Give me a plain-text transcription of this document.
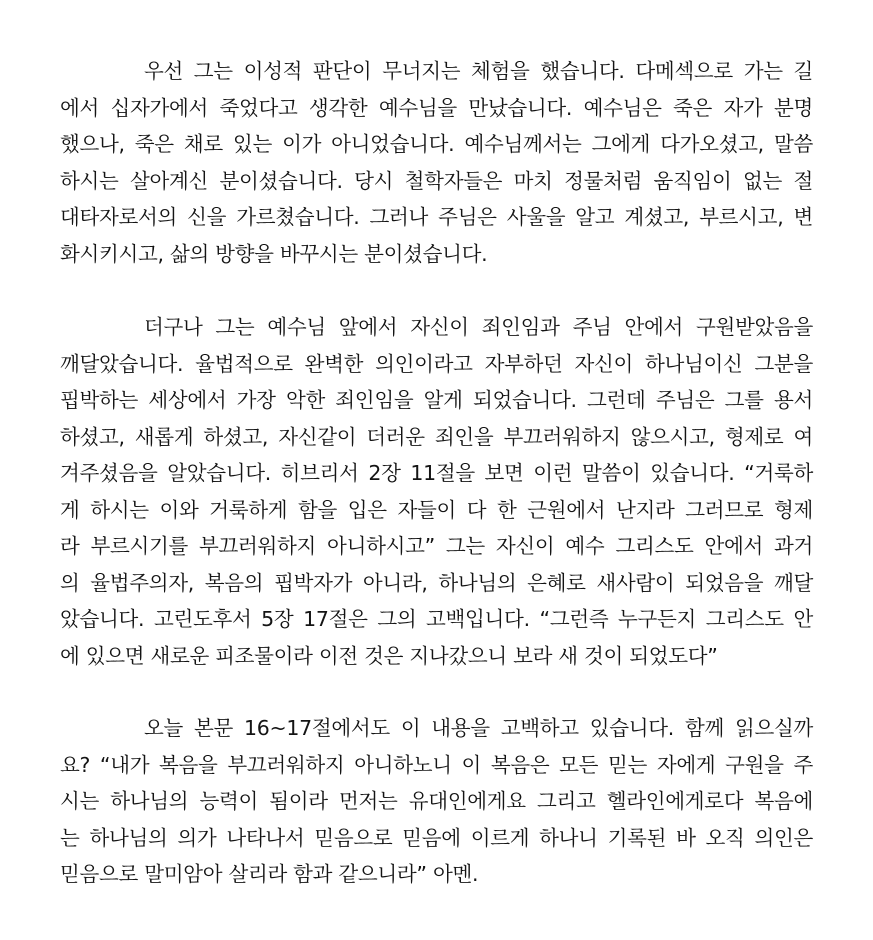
우선 그는 이성적 판단이 무너지는 체험을 했습니다. 다메섹으로 가는 길
에서 십자가에서 죽었다고 생각한 예수님을 만났습니다. 예수님은 죽은 자가 분명
했으나, 죽은 채로 있는 이가 아니었습니다. 예수님께서는 그에게 다가오셨고, 말씀
하시는 살아계신 분이셨습니다. 당시 철학자들은 마치 정물처럼 움직임이 없는 절
대타자로서의 신을 가르쳤습니다. 그러나 주님은 사울을 알고 계셨고, 부르시고, 변
화시키시고, 삶의 방향을 바꾸시는 분이셨습니다.
더구나 그는 예수님 앞에서 자신이 죄인임과 주님 안에서 구원받았음을
깨달았습니다. 율법적으로 완벽한 의인이라고 자부하던 자신이 하나님이신 그분을
핍박하는 세상에서 가장 악한 죄인임을 알게 되었습니다. 그런데 주님은 그를 용서
하셨고, 새롭게 하셨고, 자신같이 더러운 죄인을 부끄러워하지 않으시고, 형제로 여
겨주셨음을 알았습니다. 히브리서 2장 11절을 보면 이런 말씀이 있습니다. “거룩하
게 하시는 이와 거룩하게 함을 입은 자들이 다 한 근원에서 난지라 그러므로 형제
라 부르시기를 부끄러워하지 아니하시고” 그는 자신이 예수 그리스도 안에서 과거
의 율법주의자, 복음의 핍박자가 아니라, 하나님의 은혜로 새사람이 되었음을 깨달
았습니다. 고린도후서 5장 17절은 그의 고백입니다. “그런즉 누구든지 그리스도 안
에 있으면 새로운 피조물이라 이전 것은 지나갔으니 보라 새 것이 되었도다”
오늘 본문 16~17절에서도 이 내용을 고백하고 있습니다. 함께 읽으실까
요? “내가 복음을 부끄러워하지 아니하노니 이 복음은 모든 믿는 자에게 구원을 주
시는 하나님의 능력이 됨이라 먼저는 유대인에게요 그리고 헬라인에게로다 복음에
는 하나님의 의가 나타나서 믿음으로 믿음에 이르게 하나니 기록된 바 오직 의인은
믿음으로 말미암아 살리라 함과 같으니라” 아멘.
